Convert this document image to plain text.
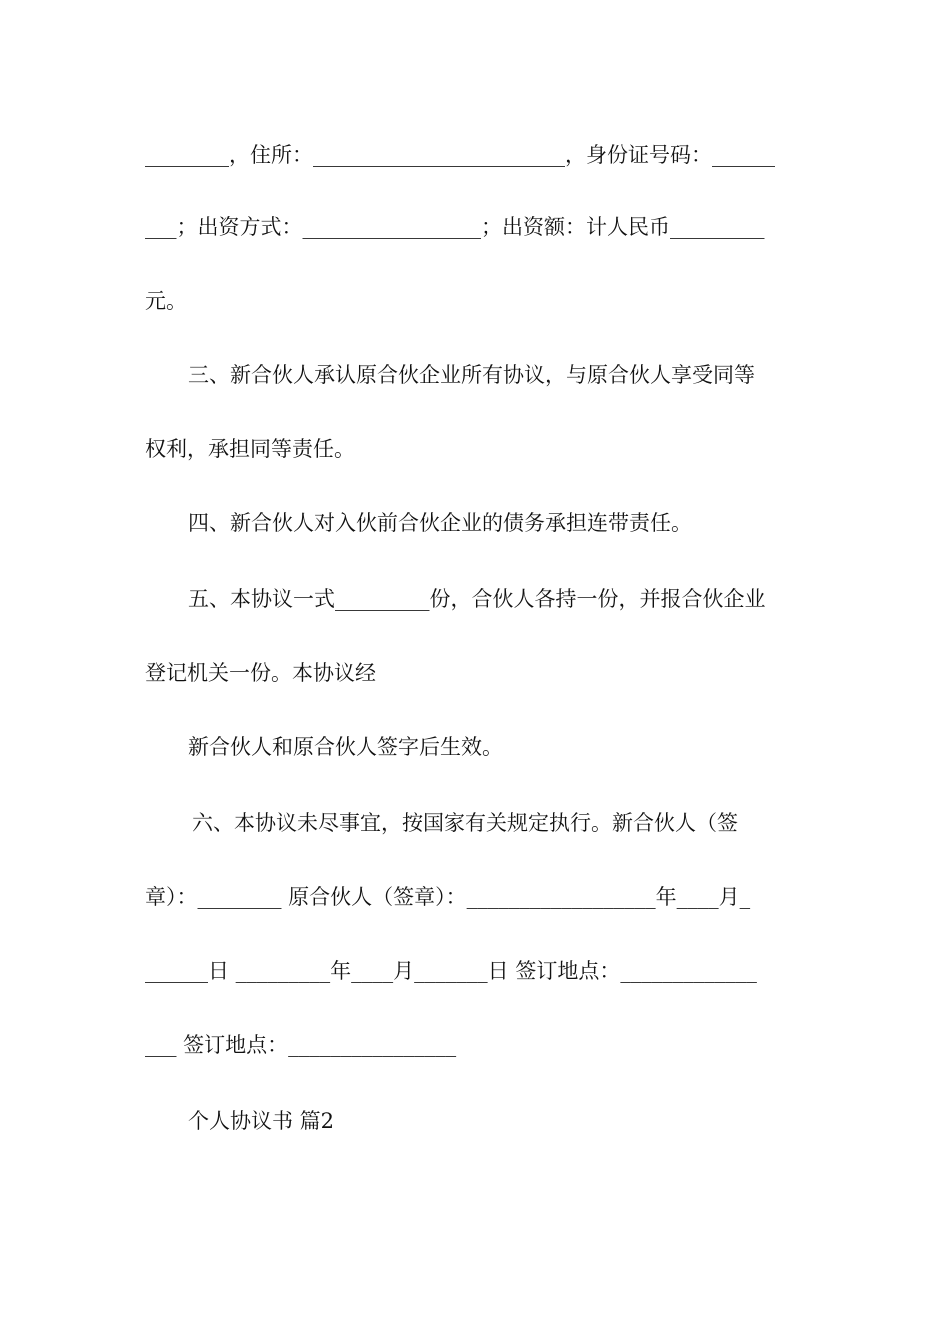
________，住所：________________________，身份证号码：______
___；出资方式：_________________；出资额：计人民币_________
元。
三、新合伙人承认原合伙企业所有协议，与原合伙人享受同等
权利，承担同等责任。
四、新合伙人对入伙前合伙企业的债务承担连带责任。
五、本协议一式_________份，合伙人各持一份，并报合伙企业
登记机关一份。本协议经
新合伙人和原合伙人签字后生效。
六、本协议未尽事宜，按国家有关规定执行。新合伙人（签
章）：________ 原合伙人（签章）：__________________年____月_
______日 _________年____月_______日 签订地点：_____________
___ 签订地点：________________
个人协议书 篇2
